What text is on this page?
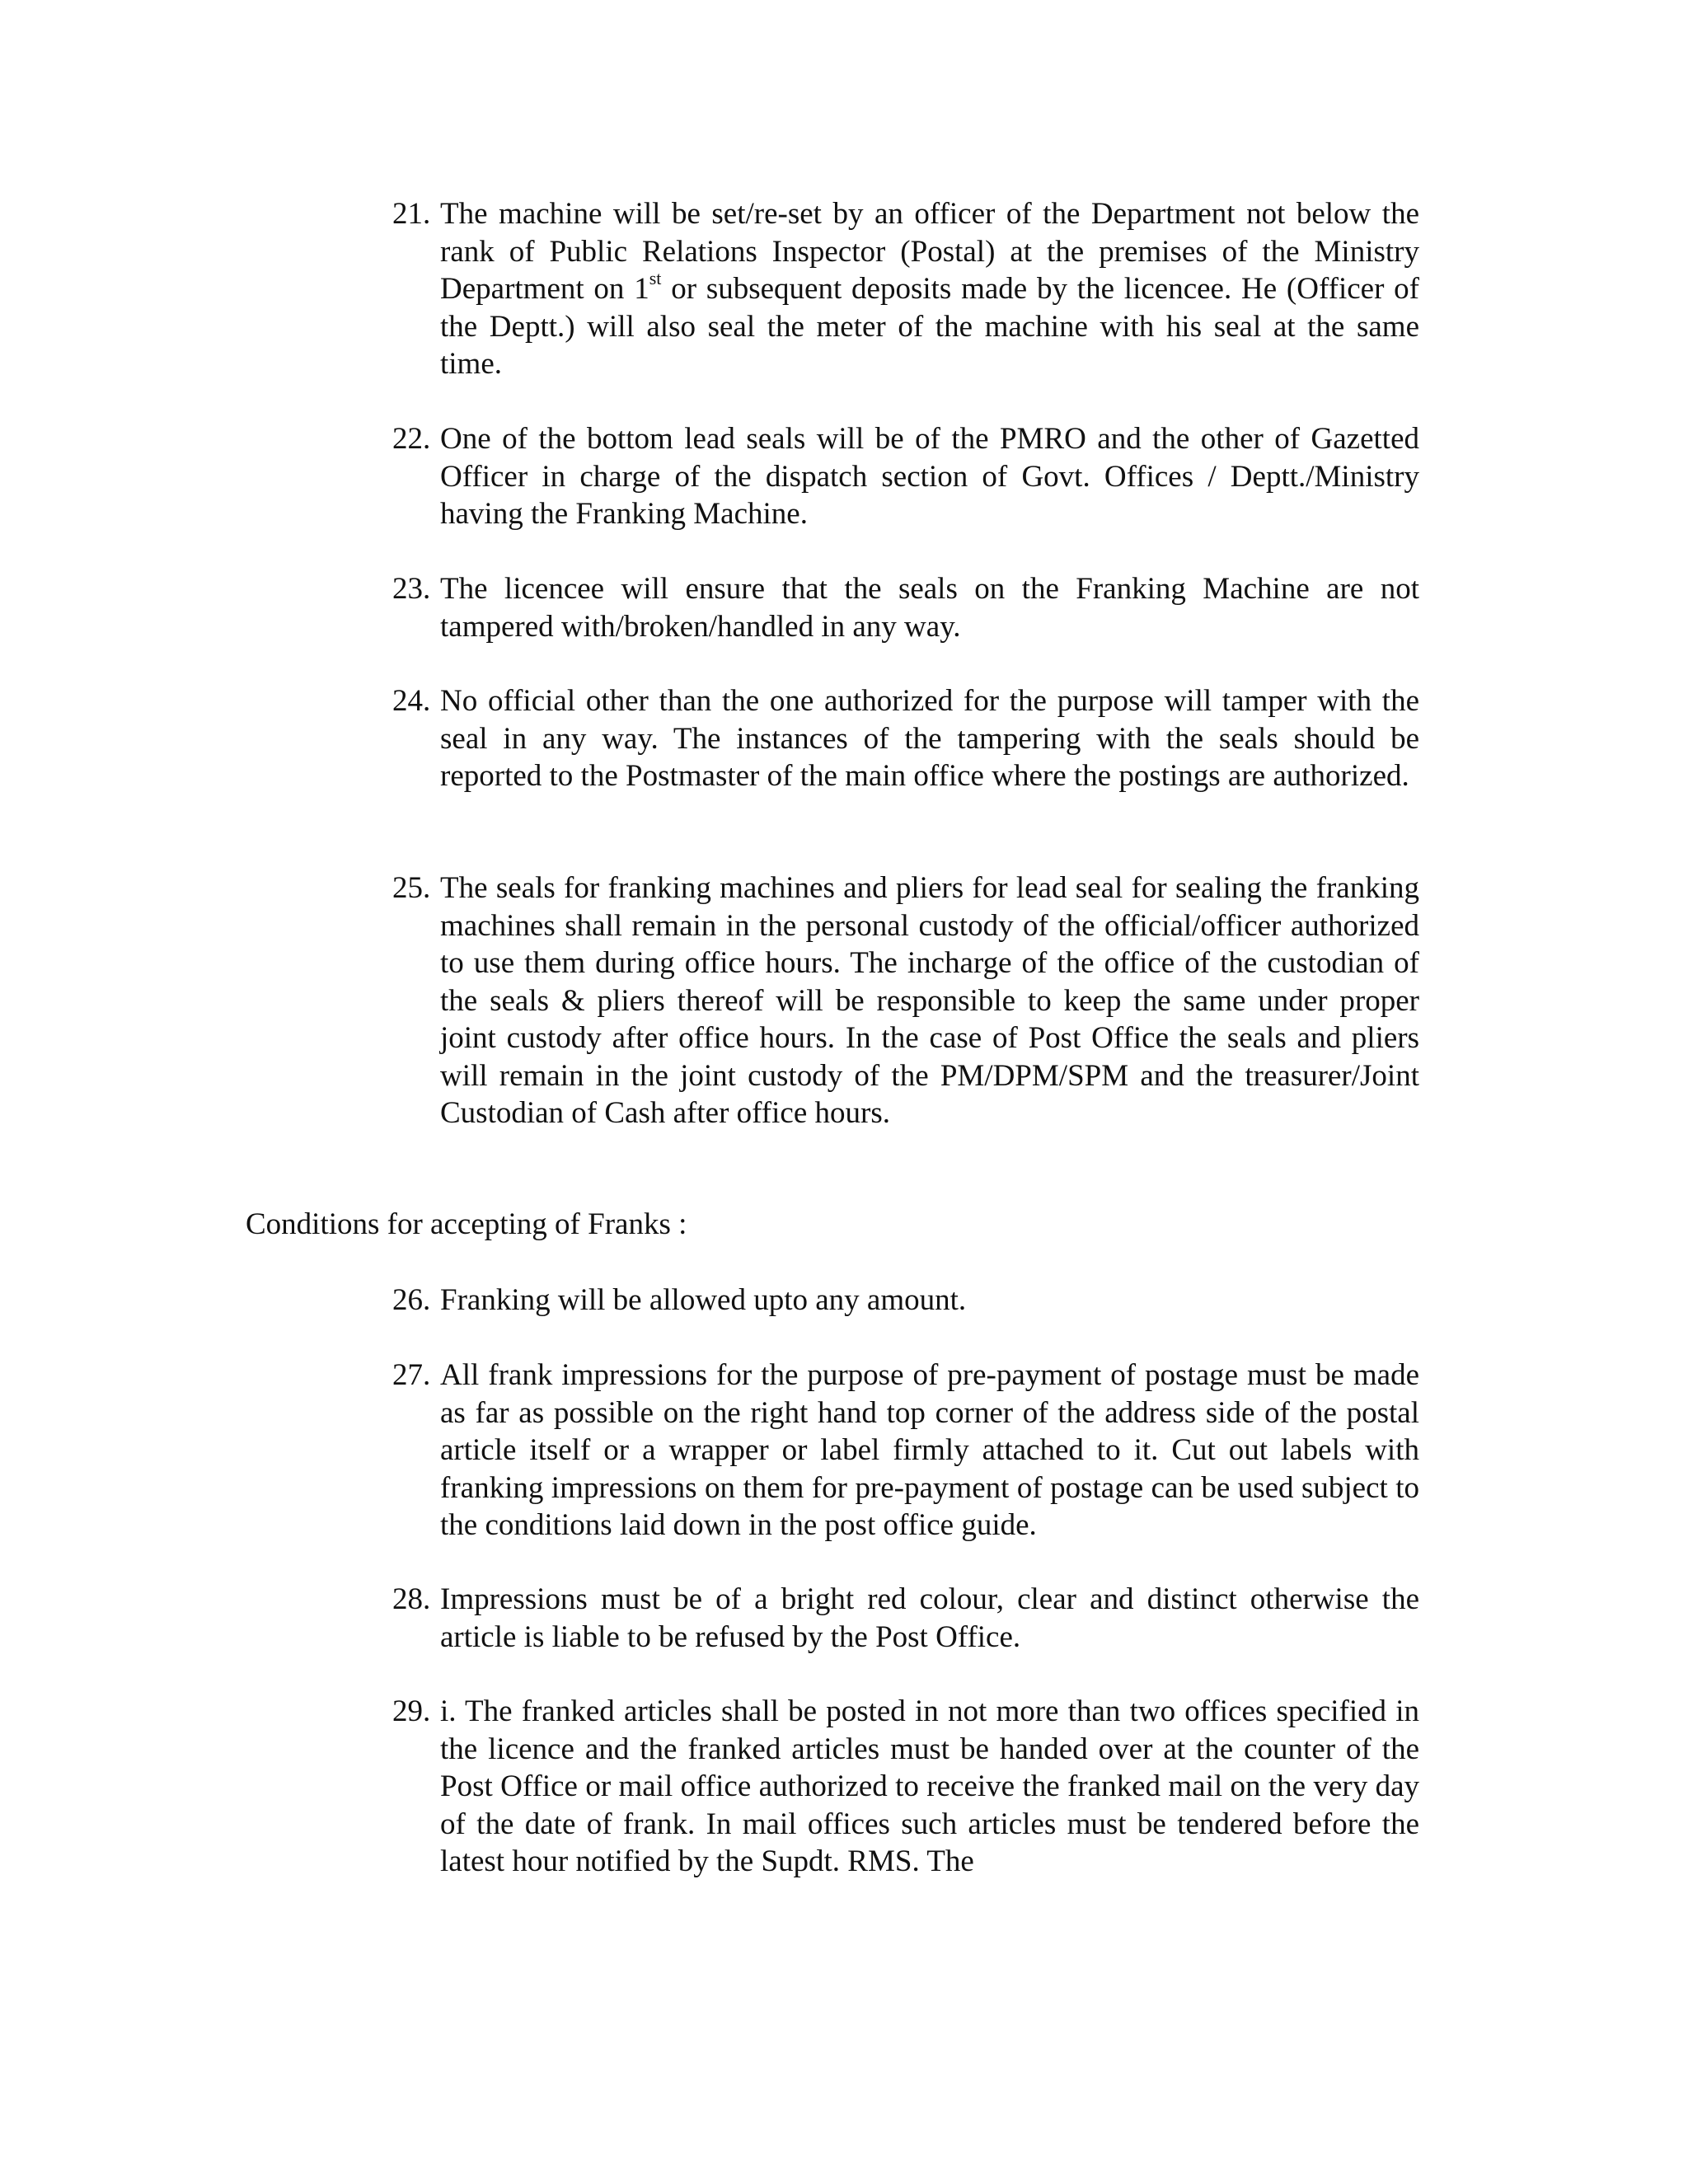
21. The machine will be set/re-set by an officer of the Department not below the rank of Public Relations Inspector (Postal) at the premises of the Ministry Department on 1st or subsequent deposits made by the licencee. He (Officer of the Deptt.) will also seal the meter of the machine with his seal at the same time.
22. One of the bottom lead seals will be of the PMRO and the other of Gazetted Officer in charge of the dispatch section of Govt. Offices / Deptt./Ministry having the Franking Machine.
23. The licencee will ensure that the seals on the Franking Machine are not tampered with/broken/handled in any way.
24. No official other than the one authorized for the purpose will tamper with the seal in any way. The instances of the tampering with the seals should be reported to the Postmaster of the main office where the postings are authorized.
25. The seals for franking machines and pliers for lead seal for sealing the franking machines shall remain in the personal custody of the official/officer authorized to use them during office hours. The incharge of the office of the custodian of the seals & pliers thereof will be responsible to keep the same under proper joint custody after office hours. In the case of Post Office the seals and pliers will remain in the joint custody of the PM/DPM/SPM and the treasurer/Joint Custodian of Cash after office hours.
Conditions for accepting of Franks :
26. Franking will be allowed upto any amount.
27. All frank impressions for the purpose of pre-payment of postage must be made as far as possible on the right hand top corner of the address side of the postal article itself or a wrapper or label firmly attached to it. Cut out labels with franking impressions on them for pre-payment of postage can be used subject to the conditions laid down in the post office guide.
28. Impressions must be of a bright red colour, clear and distinct otherwise the article is liable to be refused by the Post Office.
29. i. The franked articles shall be posted in not more than two offices specified in the licence and the franked articles must be handed over at the counter of the Post Office or mail office authorized to receive the franked mail on the very day of the date of frank. In mail offices such articles must be tendered before the latest hour notified by the Supdt. RMS. The
